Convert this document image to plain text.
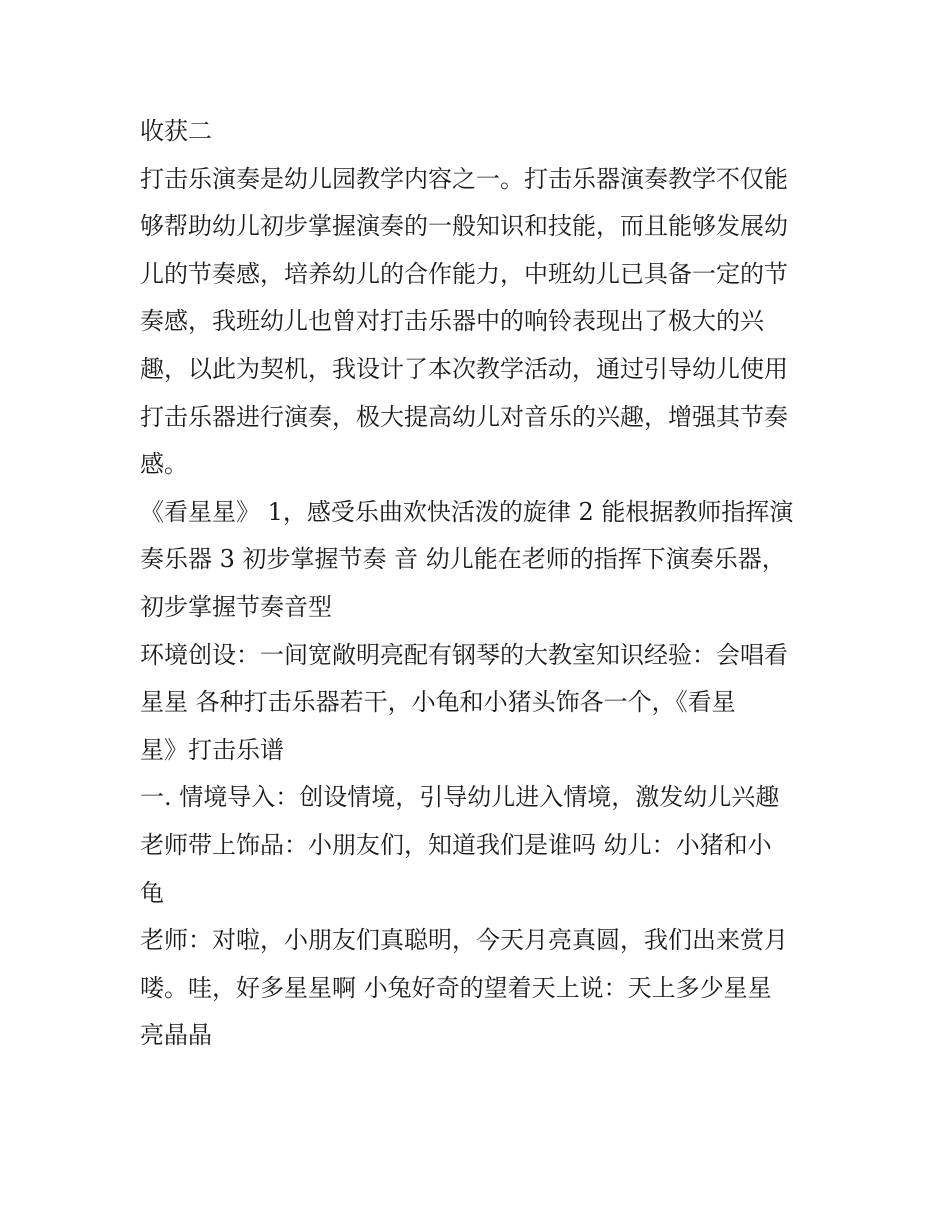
收获二
打击乐演奏是幼儿园教学内容之一。打击乐器演奏教学不仅能
够帮助幼儿初步掌握演奏的一般知识和技能，而且能够发展幼
儿的节奏感，培养幼儿的合作能力，中班幼儿已具备一定的节
奏感，我班幼儿也曾对打击乐器中的响铃表现出了极大的兴
趣，以此为契机，我设计了本次教学活动，通过引导幼儿使用
打击乐器进行演奏，极大提高幼儿对音乐的兴趣，增强其节奏
感。
《看星星》 1，感受乐曲欢快活泼的旋律 2 能根据教师指挥演
奏乐器 3 初步掌握节奏 音 幼儿能在老师的指挥下演奏乐器，
初步掌握节奏音型
环境创设：一间宽敞明亮配有钢琴的大教室知识经验：会唱看
星星 各种打击乐器若干，小龟和小猪头饰各一个，《看星
星》打击乐谱
一. 情境导入：创设情境，引导幼儿进入情境，激发幼儿兴趣
老师带上饰品：小朋友们，知道我们是谁吗 幼儿：小猪和小
龟
老师：对啦，小朋友们真聪明，今天月亮真圆，我们出来赏月
喽。哇，好多星星啊 小兔好奇的望着天上说：天上多少星星
亮晶晶
